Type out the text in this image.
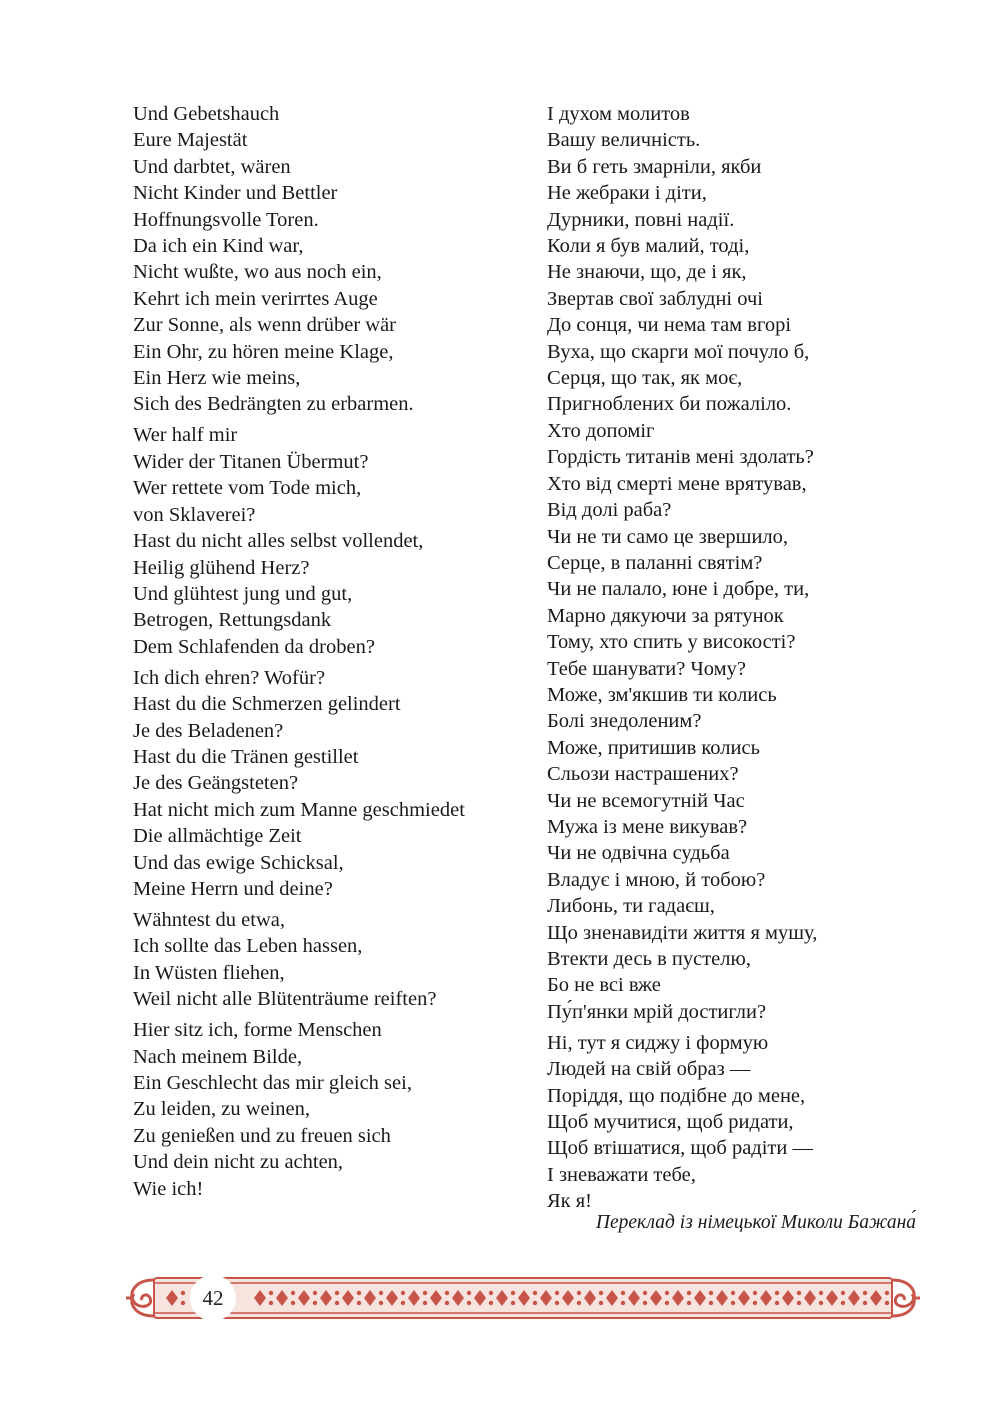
Und Gebetshauch
Eure Majestät
Und darbtet, wären
Nicht Kinder und Bettler
Hoffnungsvolle Toren.
Da ich ein Kind war,
Nicht wußte, wo aus noch ein,
Kehrt ich mein verirrtes Auge
Zur Sonne, als wenn drüber wär
Ein Ohr, zu hören meine Klage,
Ein Herz wie meins,
Sich des Bedrängten zu erbarmen.
Wer half mir
Wider der Titanen Übermut?
Wer rettete vom Tode mich,
von Sklaverei?
Hast du nicht alles selbst vollendet,
Heilig glühend Herz?
Und glühtest jung und gut,
Betrogen, Rettungsdank
Dem Schlafenden da droben?
Ich dich ehren? Wofür?
Hast du die Schmerzen gelindert
Je des Beladenen?
Hast du die Tränen gestillet
Je des Geängsteten?
Hat nicht mich zum Manne geschmiedet
Die allmächtige Zeit
Und das ewige Schicksal,
Meine Herrn und deine?
Wähntest du etwa,
Ich sollte das Leben hassen,
In Wüsten fliehen,
Weil nicht alle Blütenträume reiften?
Hier sitz ich, forme Menschen
Nach meinem Bilde,
Ein Geschlecht das mir gleich sei,
Zu leiden, zu weinen,
Zu genießen und zu freuen sich
Und dein nicht zu achten,
Wie ich!
І духом молитов
Вашу величність.
Ви б геть змарніли, якби
Не жебраки і діти,
Дурники, повні надії.
Коли я був малий, тоді,
Не знаючи, що, де і як,
Звертав свої заблудні очі
До сонця, чи нема там вгорі
Вуха, що скарги мої почуло б,
Серця, що так, як моє,
Пригноблених би пожаліло.
Хто допоміг
Гордість титанів мені здолать?
Хто від смерті мене врятував,
Від долі раба?
Чи не ти само це звершило,
Серце, в паланні святім?
Чи не палало, юне і добре, ти,
Марно дякуючи за рятунок
Тому, хто спить у високості?
Тебе шанувати? Чому?
Може, зм'якшив ти колись
Болі знедоленим?
Може, притишив колись
Сльози настрашених?
Чи не всемогутній Час
Мужа із мене викував?
Чи не одвічна судьба
Владує і мною, й тобою?
Либонь, ти гадаєш,
Що зненавидіти життя я мушу,
Втекти десь в пустелю,
Бо не всі вже
Пу́п'янки мрій достигли?
Ні, тут я сиджу і формую
Людей на свій образ —
Поріддя, що подібне до мене,
Щоб мучитися, щоб ридати,
Щоб втішатися, щоб радіти —
І зневажати тебе,
Як я!
Переклад із німецької Миколи Бажана́
42
